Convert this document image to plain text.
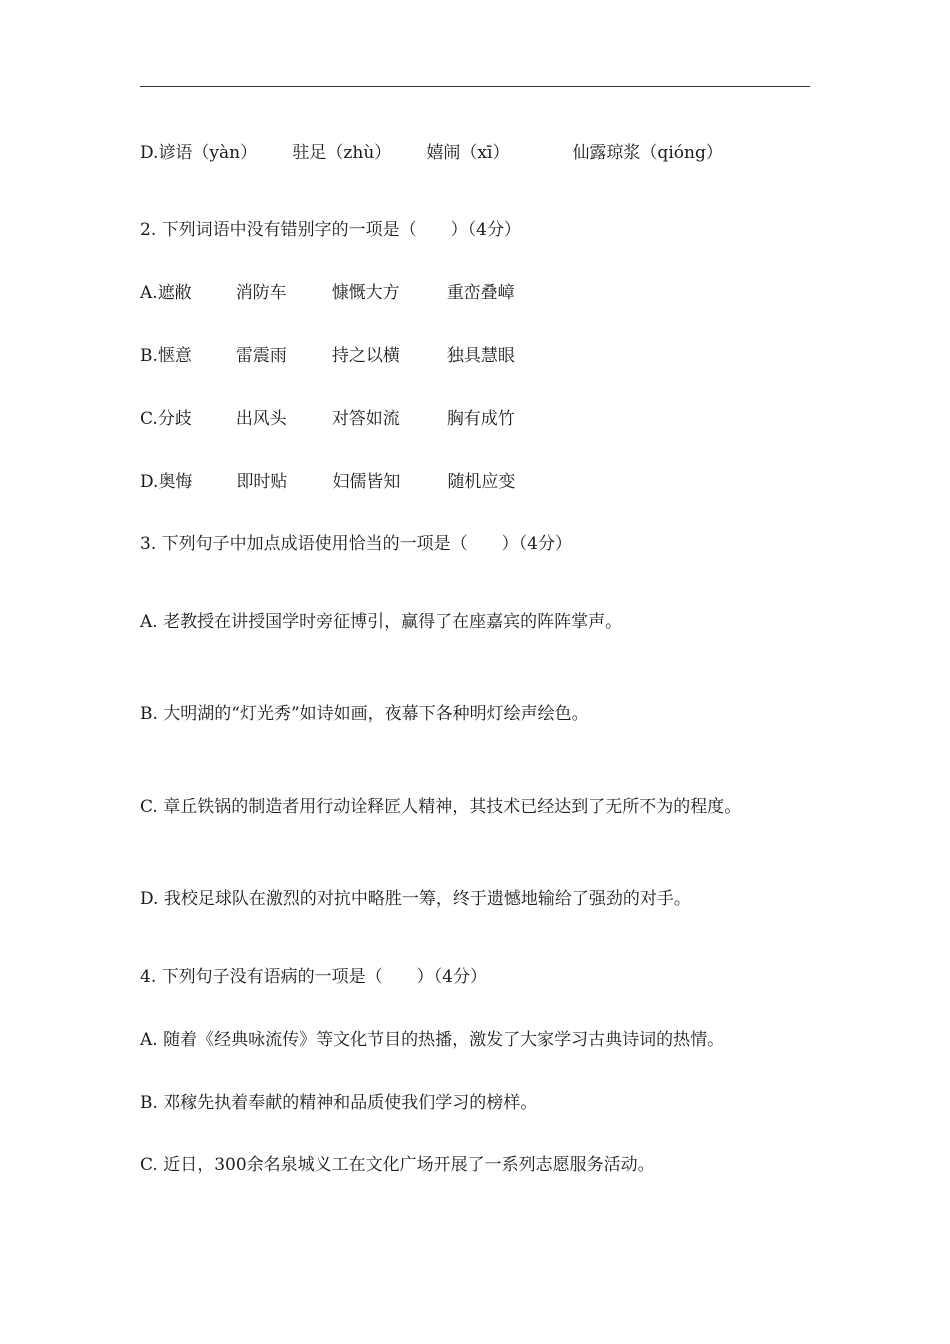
D.谚语（yàn） 驻足（zhù） 嬉闹（xī）	仙露琼浆（qióng）
2. 下列词语中没有错别字的一项是（　　）（4分）
A.遮敝	消防车	慷慨大方	重峦叠嶂
B.惬意	雷震雨	持之以横	独具慧眼
C.分歧	出风头	对答如流	胸有成竹
D.奥悔	即时贴	妇儒皆知	随机应变
3. 下列句子中加点成语使用恰当的一项是（　　）（4分）
A. 老教授在讲授国学时旁征博引，赢得了在座嘉宾的阵阵掌声。
B. 大明湖的“灯光秀”如诗如画，夜幕下各种明灯绘声绘色。
C. 章丘铁锅的制造者用行动诠释匠人精神，其技术已经达到了无所不为的程度。
D. 我校足球队在激烈的对抗中略胜一筹，终于遗憾地输给了强劲的对手。
4. 下列句子没有语病的一项是（　　）（4分）
A. 随着《经典咏流传》等文化节目的热播，激发了大家学习古典诗词的热情。
B. 邓稼先执着奉献的精神和品质使我们学习的榜样。
C. 近日，300余名泉城义工在文化广场开展了一系列志愿服务活动。
